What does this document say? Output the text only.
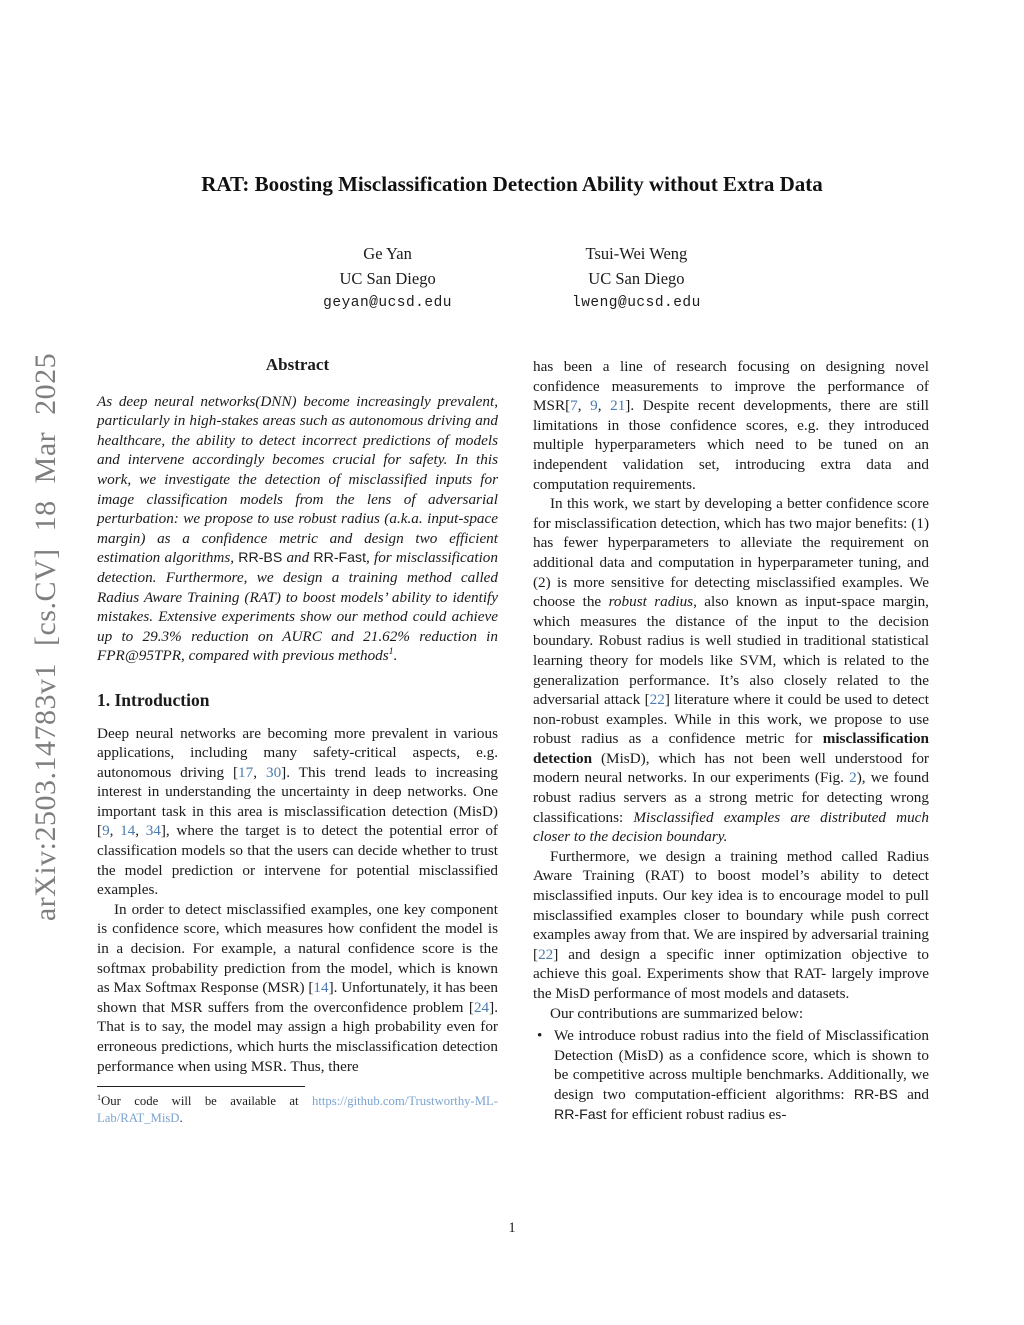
arXiv:2503.14783v1 [cs.CV] 18 Mar 2025
RAT: Boosting Misclassification Detection Ability without Extra Data
Ge Yan
UC San Diego
geyan@ucsd.edu
Tsui-Wei Weng
UC San Diego
lweng@ucsd.edu
Abstract

As deep neural networks(DNN) become increasingly prevalent, particularly in high-stakes areas such as autonomous driving and healthcare, the ability to detect incorrect predictions of models and intervene accordingly becomes crucial for safety. In this work, we investigate the detection of misclassified inputs for image classification models from the lens of adversarial perturbation: we propose to use robust radius (a.k.a. input-space margin) as a confidence metric and design two efficient estimation algorithms, RR-BS and RR-Fast, for misclassification detection. Furthermore, we design a training method called Radius Aware Training (RAT) to boost models’ ability to identify mistakes. Extensive experiments show our method could achieve up to 29.3% reduction on AURC and 21.62% reduction in FPR@95TPR, compared with previous methods$^1$.

1. Introduction

Deep neural networks are becoming more prevalent in various applications, including many safety-critical aspects, e.g. autonomous driving [17, 30]. This trend leads to increasing interest in understanding the uncertainty in deep networks. One important task in this area is misclassification detection (MisD) [9, 14, 34], where the target is to detect the potential error of classification models so that the users can decide whether to trust the model prediction or intervene for potential misclassified examples.

In order to detect misclassified examples, one key component is confidence score, which measures how confident the model is in a decision. For example, a natural confidence score is the softmax probability prediction from the model, which is known as Max Softmax Response (MSR) [14]. Unfortunately, it has been shown that MSR suffers from the overconfidence problem [24]. That is to say, the model may assign a high probability even for erroneous predictions, which hurts the misclassification detection performance when using MSR. Thus, there

$^1$Our code will be available at https://github.com/Trustworthy-ML-Lab/RAT_MisD.

has been a line of research focusing on designing novel confidence measurements to improve the performance of MSR[7, 9, 21]. Despite recent developments, there are still limitations in those confidence scores, e.g. they introduced multiple hyperparameters which need to be tuned on an independent validation set, introducing extra data and computation requirements.

In this work, we start by developing a better confidence score for misclassification detection, which has two major benefits: (1) has fewer hyperparameters to alleviate the requirement on additional data and computation in hyperparameter tuning, and (2) is more sensitive for detecting misclassified examples. We choose the robust radius, also known as input-space margin, which measures the distance of the input to the decision boundary. Robust radius is well studied in traditional statistical learning theory for models like SVM, which is related to the generalization performance. It’s also closely related to the adversarial attack [22] literature where it could be used to detect non-robust examples. While in this work, we propose to use robust radius as a confidence metric for misclassification detection (MisD), which has not been well understood for modern neural networks. In our experiments (Fig. 2), we found robust radius servers as a strong metric for detecting wrong classifications: Misclassified examples are distributed much closer to the decision boundary.

Furthermore, we design a training method called Radius Aware Training (RAT) to boost model’s ability to detect misclassified inputs. Our key idea is to encourage model to pull misclassified examples closer to boundary while push correct examples away from that. We are inspired by adversarial training [22] and design a specific inner optimization objective to achieve this goal. Experiments show that RAT- largely improve the MisD performance of most models and datasets.

Our contributions are summarized below:

• We introduce robust radius into the field of Misclassification Detection (MisD) as a confidence score, which is shown to be competitive across multiple benchmarks. Additionally, we design two computation-efficient algorithms: RR-BS and RR-Fast for efficient robust radius es-
1
